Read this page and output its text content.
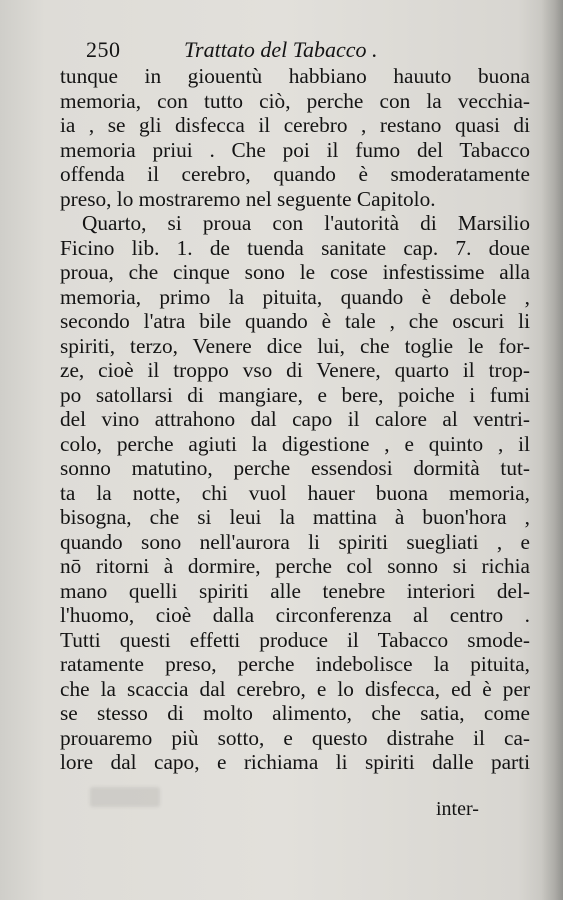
250	Trattato del Tabacco .
tunque in giouentù habbiano hauuto buona
memoria, con tutto ciò, perche con la vecchia-
ia , se gli disfecca il cerebro , restano quasi di
memoria priui . Che poi il fumo del Tabacco
offenda il cerebro, quando è smoderatamente
preso, lo mostraremo nel seguente Capitolo.
Quarto, si proua con l'autorità di Marsilio
Ficino lib. 1. de tuenda sanitate cap. 7. doue
proua, che cinque sono le cose infestissime alla
memoria, primo la pituita, quando è debole ,
secondo l'atra bile quando è tale , che oscuri li
spiriti, terzo, Venere dice lui, che toglie le for-
ze, cioè il troppo vso di Venere, quarto il trop-
po satollarsi di mangiare, e bere, poiche i fumi
del vino attrahono dal capo il calore al ventri-
colo, perche agiuti la digestione , e quinto , il
sonno matutino, perche essendosi dormità tut-
ta la notte, chi vuol hauer buona memoria,
bisogna, che si leui la mattina à buon'hora ,
quando sono nell'aurora li spiriti suegliati , e
nō ritorni à dormire, perche col sonno si richia
mano quelli spiriti alle tenebre interiori del-
l'huomo, cioè dalla circonferenza al centro .
Tutti questi effetti produce il Tabacco smode-
ratamente preso, perche indebolisce la pituita,
che la scaccia dal cerebro, e lo disfecca, ed è per
se stesso di molto alimento, che satia, come
prouaremo più sotto, e questo distrahe il ca-
lore dal capo, e richiama li spiriti dalle parti
inter-
